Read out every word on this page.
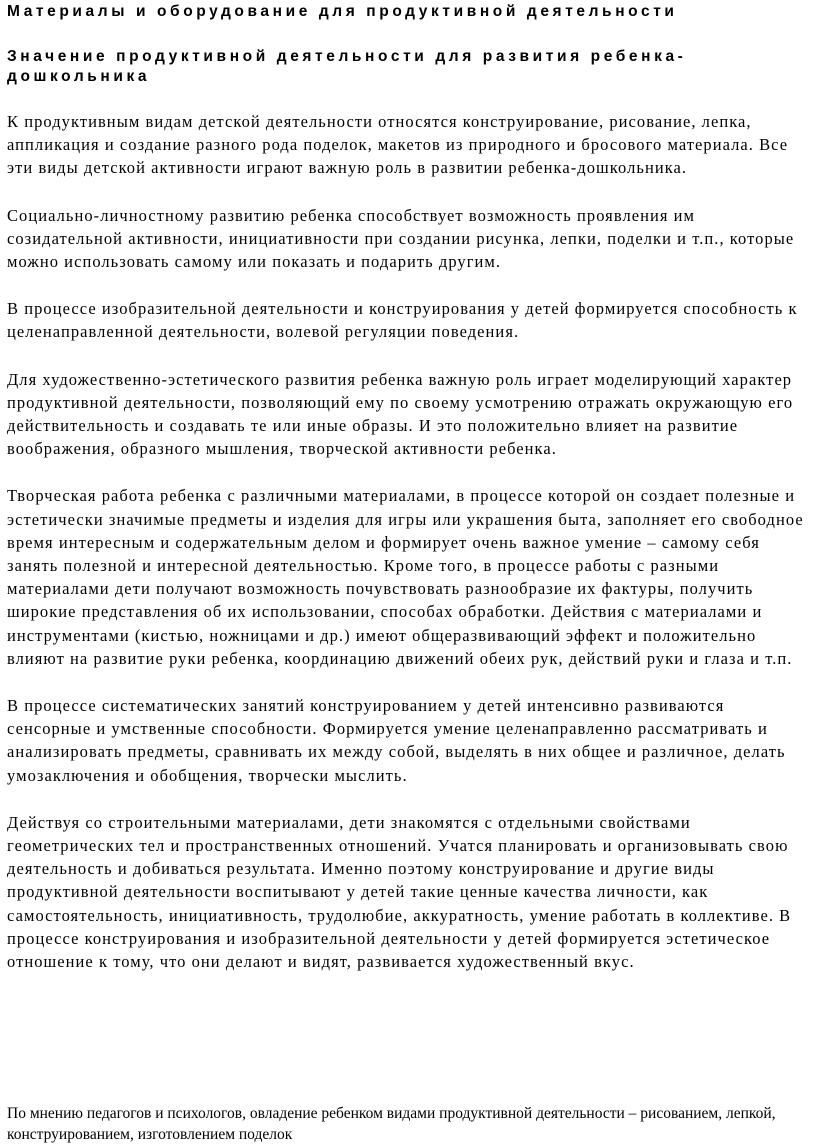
Материалы и оборудование для продуктивной деятельности
Значение продуктивной деятельности для развития ребенка-дошкольника

К продуктивным видам детской деятельности относятся конструирование, рисование, лепка, аппликация и создание разного рода поделок, макетов из природного и бросового материала. Все эти виды детской активности играют важную роль в развитии ребенка-дошкольника.

Социально-личностному развитию ребенка способствует возможность проявления им созидательной активности, инициативности при создании рисунка, лепки, поделки и т.п., которые можно использовать самому или показать и подарить другим.

В процессе изобразительной деятельности и конструирования у детей формируется способность к целенаправленной деятельности, волевой регуляции поведения.

Для художественно-эстетического развития ребенка важную роль играет моделирующий характер продуктивной деятельности, позволяющий ему по своему усмотрению отражать окружающую его действительность и создавать те или иные образы. И это положительно влияет на развитие воображения, образного мышления, творческой активности ребенка.

Творческая работа ребенка с различными материалами, в процессе которой он создает полезные и эстетически значимые предметы и изделия для игры или украшения быта, заполняет его свободное время интересным и содержательным делом и формирует очень важное умение – самому себя занять полезной и интересной деятельностью. Кроме того, в процессе работы с разными материалами дети получают возможность почувствовать разнообразие их фактуры, получить широкие представления об их использовании, способах обработки. Действия с материалами и инструментами (кистью, ножницами и др.) имеют общеразвивающий эффект и положительно влияют на развитие руки ребенка, координацию движений обеих рук, действий руки и глаза и т.п.

В процессе систематических занятий конструированием у детей интенсивно развиваются сенсорные и умственные способности. Формируется умение целенаправленно рассматривать и анализировать предметы, сравнивать их между собой, выделять в них общее и различное, делать умозаключения и обобщения, творчески мыслить.

Действуя со строительными материалами, дети знакомятся с отдельными свойствами геометрических тел и пространственных отношений. Учатся планировать и организовывать свою деятельность и добиваться результата. Именно поэтому конструирование и другие виды продуктивной деятельности воспитывают у детей такие ценные качества личности, как самостоятельность, инициативность, трудолюбие, аккуратность, умение работать в коллективе. В процессе конструирования и изобразительной деятельности у детей формируется эстетическое отношение к тому, что они делают и видят, развивается художественный вкус.

По мнению педагогов и психологов, овладение ребенком видами продуктивной деятельности – рисованием, лепкой, конструированием, изготовлением поделок
